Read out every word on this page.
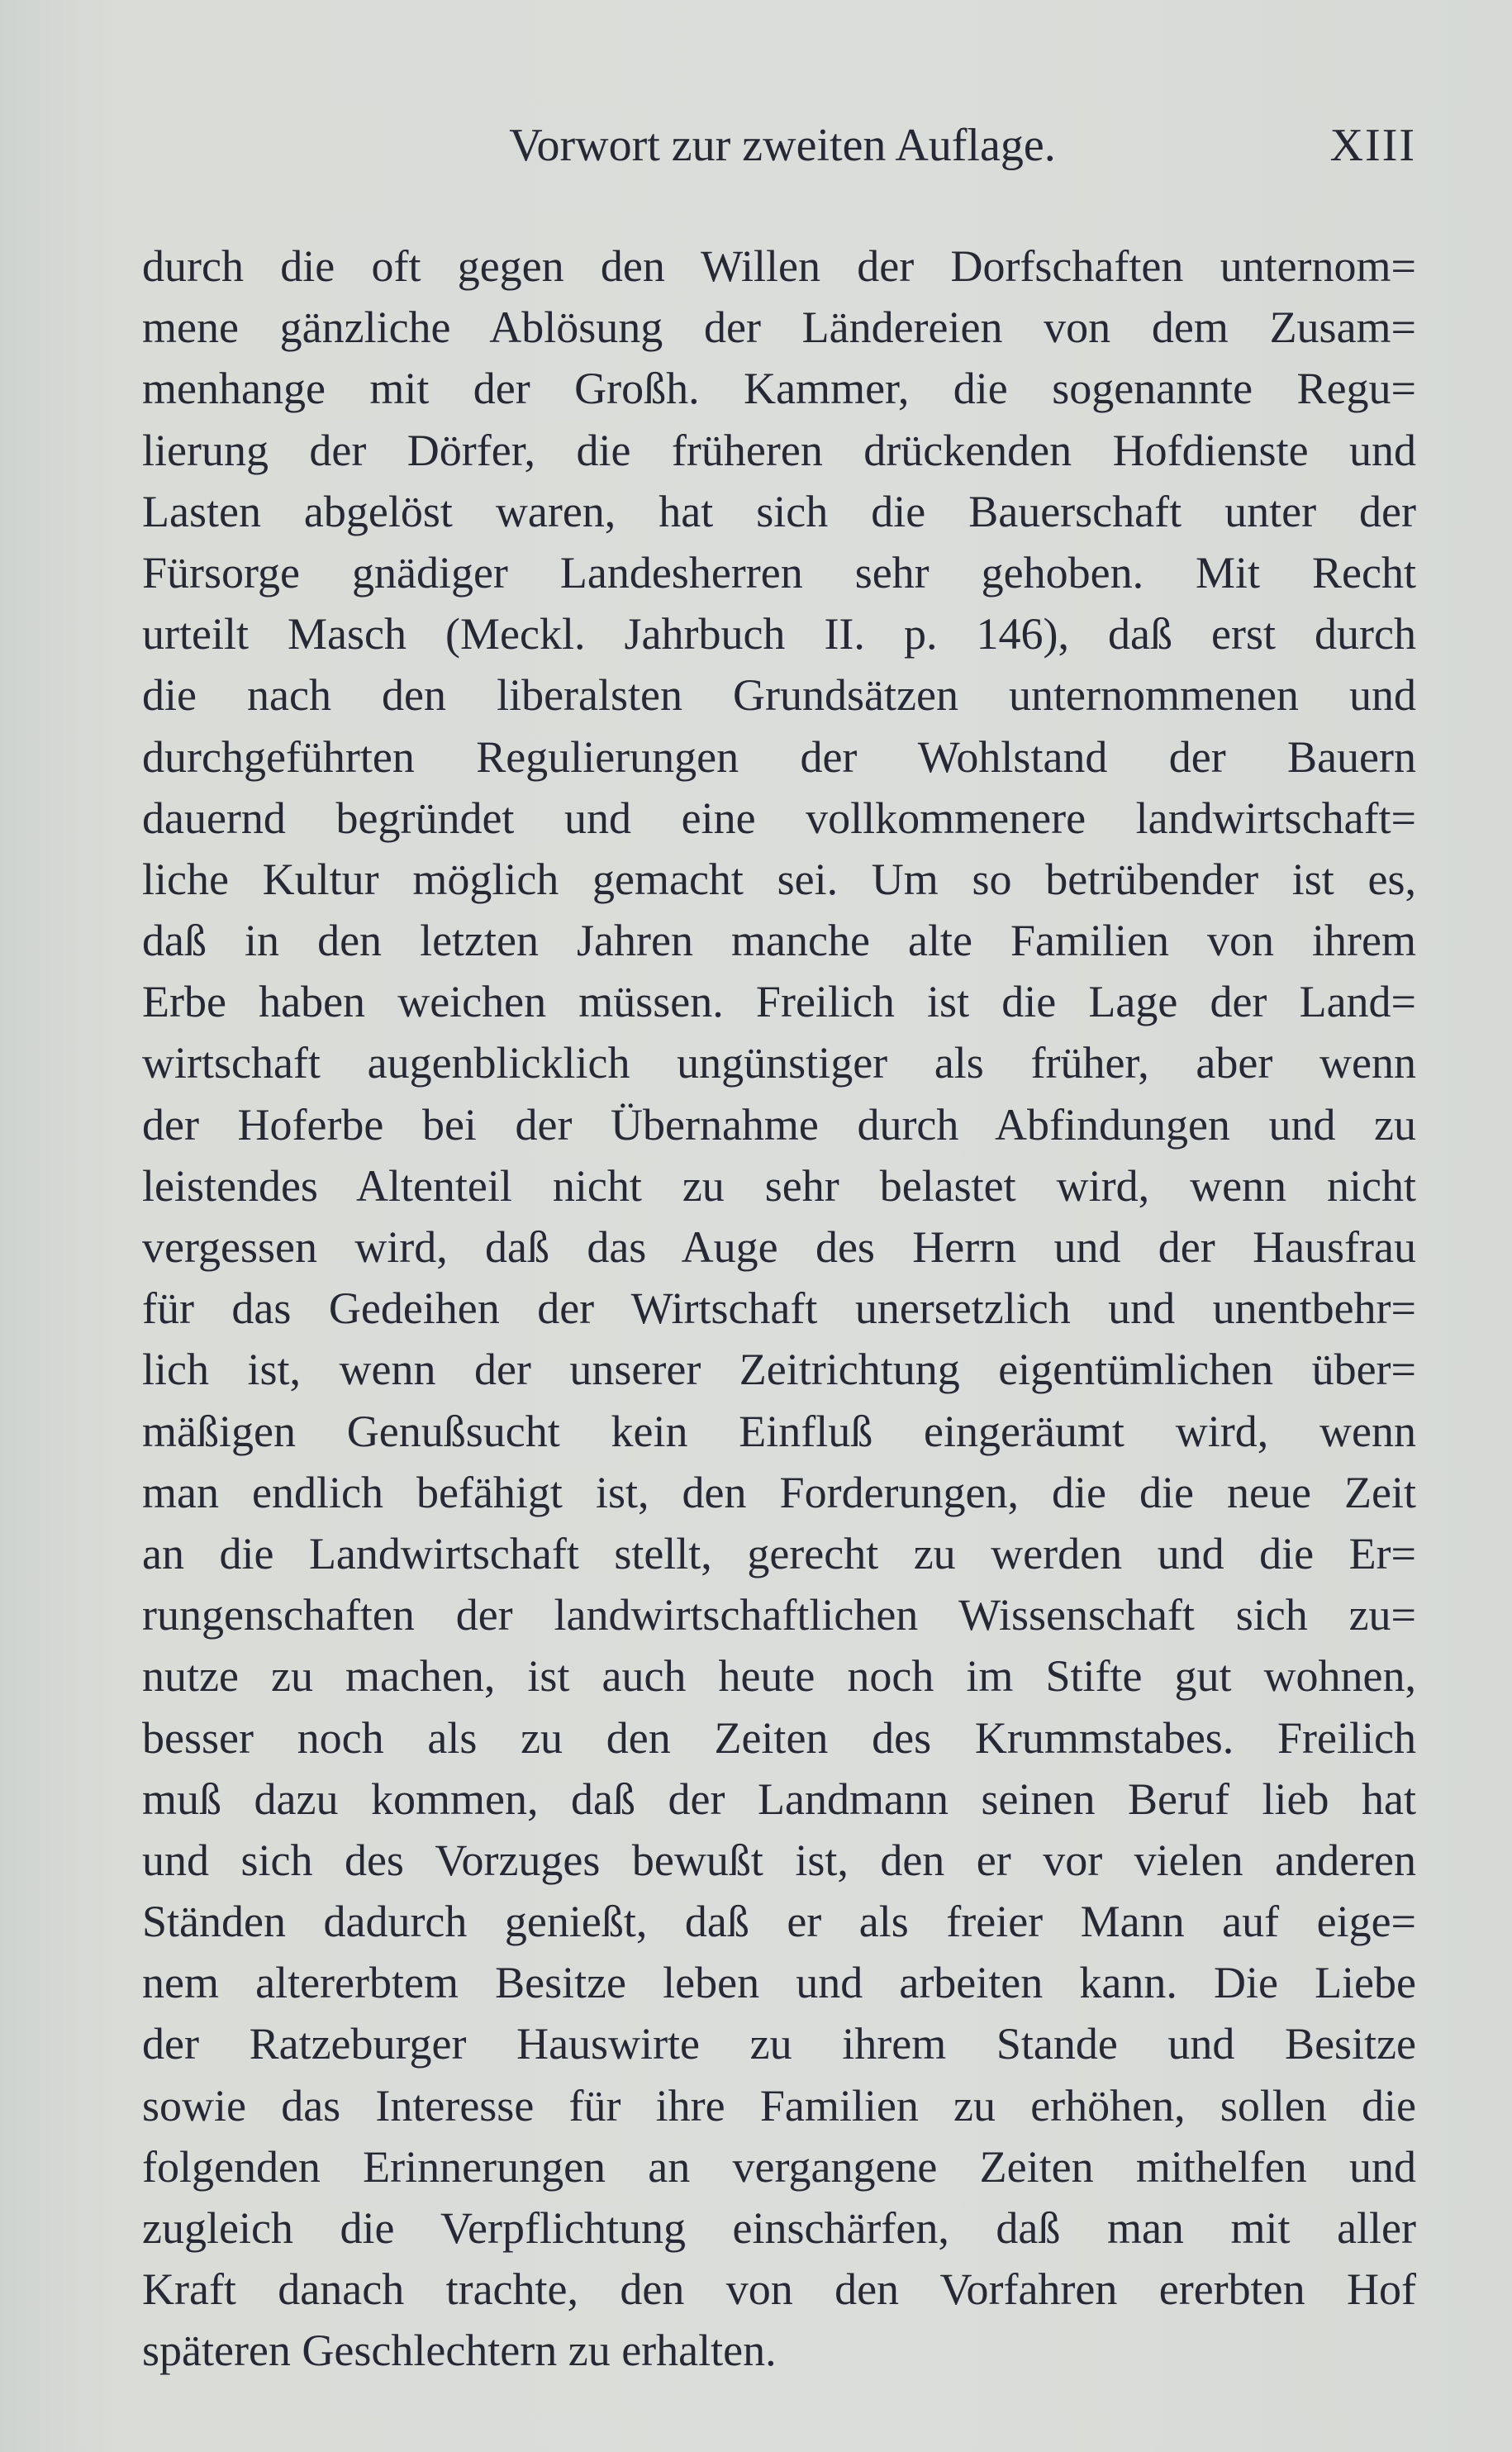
Vorwort zur zweiten Auflage.	XIII
durch die oft gegen den Willen der Dorfschaften unternom=
mene gänzliche Ablösung der Ländereien von dem Zusam=
menhange mit der Großh. Kammer, die sogenannte Regu=
lierung der Dörfer, die früheren drückenden Hofdienste und
Lasten abgelöst waren, hat sich die Bauerschaft unter der
Fürsorge gnädiger Landesherren sehr gehoben. Mit Recht
urteilt Masch (Meckl. Jahrbuch II. p. 146), daß erst durch
die nach den liberalsten Grundsätzen unternommenen und
durchgeführten Regulierungen der Wohlstand der Bauern
dauernd begründet und eine vollkommenere landwirtschaft=
liche Kultur möglich gemacht sei. Um so betrübender ist es,
daß in den letzten Jahren manche alte Familien von ihrem
Erbe haben weichen müssen. Freilich ist die Lage der Land=
wirtschaft augenblicklich ungünstiger als früher, aber wenn
der Hoferbe bei der Übernahme durch Abfindungen und zu
leistendes Altenteil nicht zu sehr belastet wird, wenn nicht
vergessen wird, daß das Auge des Herrn und der Hausfrau
für das Gedeihen der Wirtschaft unersetzlich und unentbehr=
lich ist, wenn der unserer Zeitrichtung eigentümlichen über=
mäßigen Genußsucht kein Einfluß eingeräumt wird, wenn
man endlich befähigt ist, den Forderungen, die die neue Zeit
an die Landwirtschaft stellt, gerecht zu werden und die Er=
rungenschaften der landwirtschaftlichen Wissenschaft sich zu=
nutze zu machen, ist auch heute noch im Stifte gut wohnen,
besser noch als zu den Zeiten des Krummstabes. Freilich
muß dazu kommen, daß der Landmann seinen Beruf lieb hat
und sich des Vorzuges bewußt ist, den er vor vielen anderen
Ständen dadurch genießt, daß er als freier Mann auf eige=
nem altererbtem Besitze leben und arbeiten kann. Die Liebe
der Ratzeburger Hauswirte zu ihrem Stande und Besitze
sowie das Interesse für ihre Familien zu erhöhen, sollen die
folgenden Erinnerungen an vergangene Zeiten mithelfen und
zugleich die Verpflichtung einschärfen, daß man mit aller
Kraft danach trachte, den von den Vorfahren ererbten Hof
späteren Geschlechtern zu erhalten.
